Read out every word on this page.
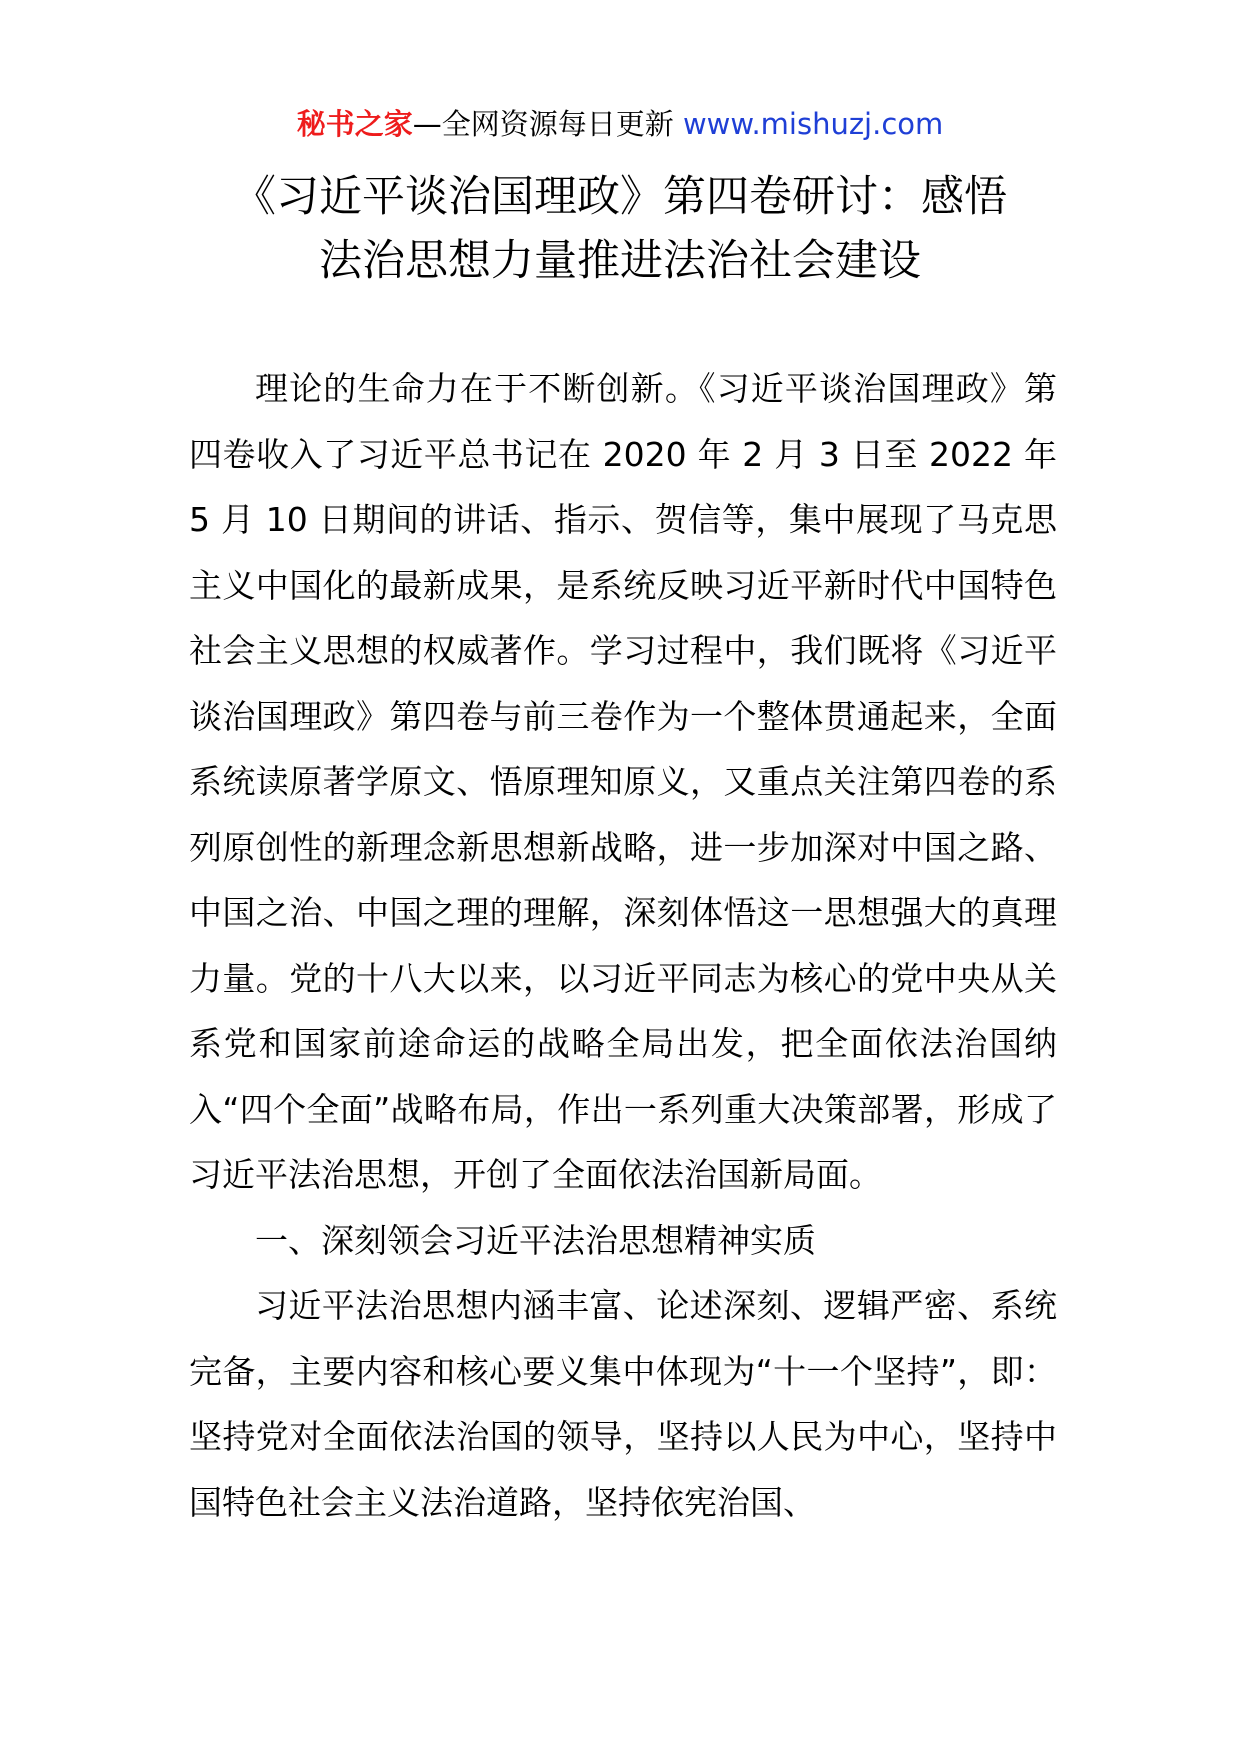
秘书之家—全网资源每日更新 www.mishuzj.com
《习近平谈治国理政》第四卷研讨：感悟
法治思想力量推进法治社会建设

理论的生命力在于不断创新。《习近平谈治国理政》第四卷收入了习近平总书记在 2020 年 2 月 3 日至 2022 年 5 月 10 日期间的讲话、指示、贺信等，集中展现了马克思主义中国化的最新成果，是系统反映习近平新时代中国特色社会主义思想的权威著作。学习过程中，我们既将《习近平谈治国理政》第四卷与前三卷作为一个整体贯通起来，全面系统读原著学原文、悟原理知原义，又重点关注第四卷的系列原创性的新理念新思想新战略，进一步加深对中国之路、中国之治、中国之理的理解，深刻体悟这一思想强大的真理力量。党的十八大以来，以习近平同志为核心的党中央从关系党和国家前途命运的战略全局出发，把全面依法治国纳入“四个全面”战略布局，作出一系列重大决策部署，形成了习近平法治思想，开创了全面依法治国新局面。

一、深刻领会习近平法治思想精神实质

习近平法治思想内涵丰富、论述深刻、逻辑严密、系统完备，主要内容和核心要义集中体现为“十一个坚持”，即：坚持党对全面依法治国的领导，坚持以人民为中心，坚持中国特色社会主义法治道路，坚持依宪治国、
